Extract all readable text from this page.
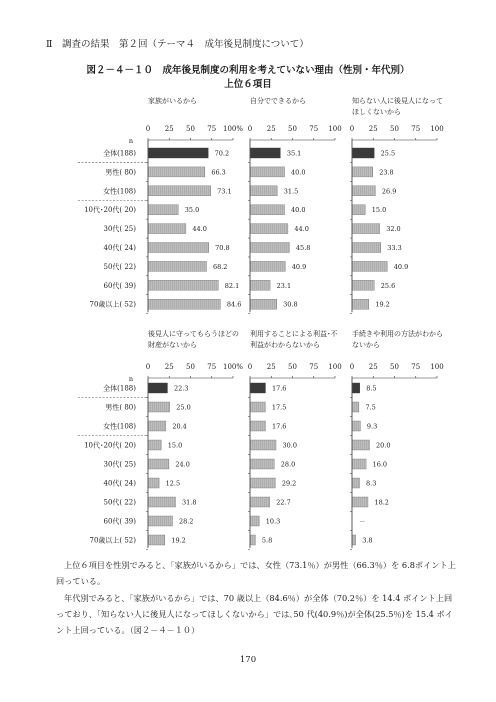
Ⅱ　調査の結果　第２回（テーマ４　成年後見制度について）
図２－４－１０　成年後見制度の利用を考えていない理由（性別・年代別）
上位６項目
家族がいるから
0 25 50 75 100%
70.2
66.3
73.1
35.0
44.0
70.8
68.2
82.1
84.6
n
全体(188)
男性( 80)
女性(108)
10代･20代( 20)
30代( 25)
40代( 24)
50代( 22)
60代( 39)
70歳以上( 52)
自分でできるから
0 25 50 75 100
35.1
40.0
31.5
40.0
44.0
45.8
40.9
23.1
30.8
知らない人に後見人になってほしくないから
0 25 50 75 100
25.5
23.8
26.9
15.0
32.0
33.3
40.9
25.6
19.2
後見人に守ってもらうほどの財産がないから
0 25 50 75 100%
22.3
25.0
20.4
15.0
24.0
12.5
31.8
28.2
19.2
n
全体(188)
男性( 80)
女性(108)
10代･20代( 20)
30代( 25)
40代( 24)
50代( 22)
60代( 39)
70歳以上( 52)
利用することによる利益･不利益がわからないから
0 25 50 75 100
17.6
17.5
17.6
30.0
28.0
29.2
22.7
10.3
5.8
手続きや利用の方法がわからないから
0 25 50 75 100
8.5
7.5
9.3
20.0
16.0
8.3
18.2
－
3.8
上位６項目を性別でみると、「家族がいるから」では、女性（73.1％）が男性（66.3％）を 6.8ポイント上回っている。
年代別でみると、「家族がいるから」では、70 歳以上（84.6％）が全体（70.2％）を 14.4 ポイント上回っており、「知らない人に後見人になってほしくないから」では､50 代(40.9％)が全体(25.5％)を 15.4 ポイント上回っている。（図２－４－１０）
170
